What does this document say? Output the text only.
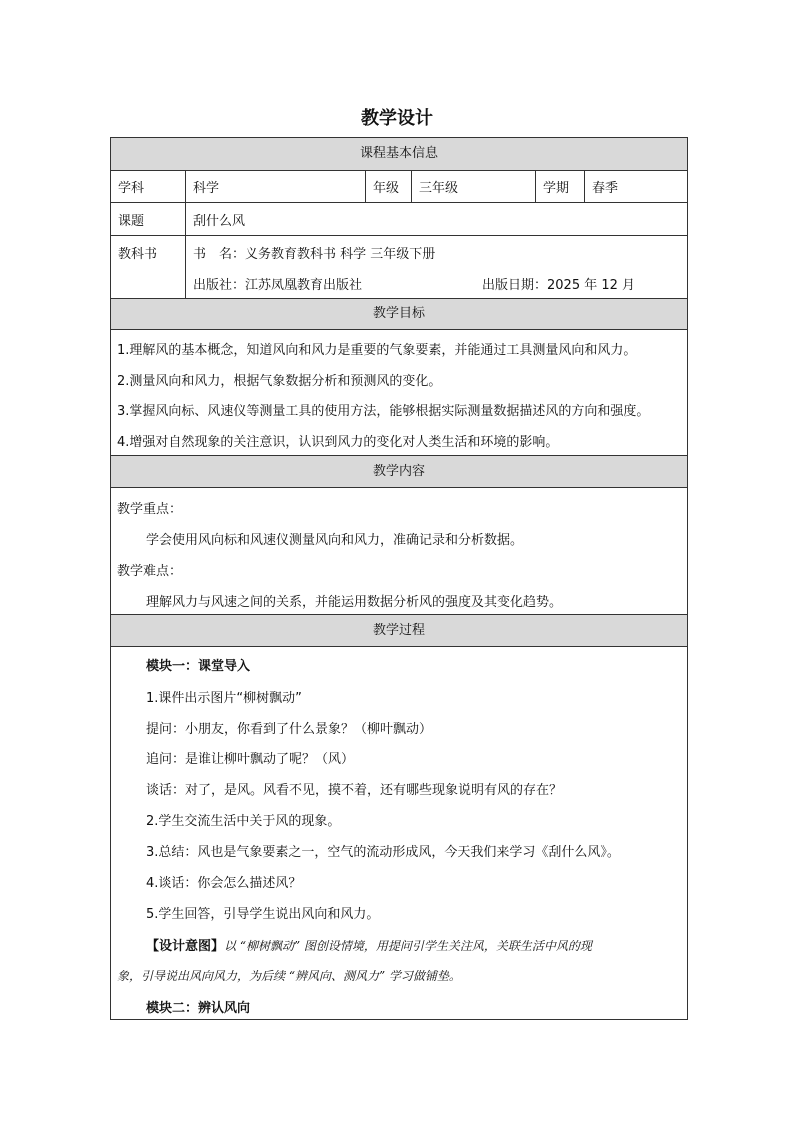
教学设计
课程基本信息
学科	科学	年级 三年级	学期 春季
课题	刮什么风
教科书	书　名：义务教育教科书 科学 三年级下册
出版社：江苏凤凰教育出版社	出版日期：2025 年 12 月
教学目标
1.理解风的基本概念，知道风向和风力是重要的气象要素，并能通过工具测量风向和风力。
2.测量风向和风力，根据气象数据分析和预测风的变化。
3.掌握风向标、风速仪等测量工具的使用方法，能够根据实际测量数据描述风的方向和强度。
4.增强对自然现象的关注意识，认识到风力的变化对人类生活和环境的影响。
教学内容
教学重点：
学会使用风向标和风速仪测量风向和风力，准确记录和分析数据。
教学难点：
理解风力与风速之间的关系，并能运用数据分析风的强度及其变化趋势。
教学过程
模块一：课堂导入
1.课件出示图片“柳树飘动”
提问：小朋友，你看到了什么景象？（柳叶飘动）
追问：是谁让柳叶飘动了呢？（风）
谈话：对了，是风。风看不见，摸不着，还有哪些现象说明有风的存在？
2.学生交流生活中关于风的现象。
3.总结：风也是气象要素之一，空气的流动形成风，今天我们来学习《刮什么风》。
4.谈话：你会怎么描述风？
5.学生回答，引导学生说出风向和风力。
【设计意图】以 “柳树飘动” 图创设情境，用提问引学生关注风，关联生活中风的现
象，引导说出风向风力，为后续 “辨风向、测风力” 学习做铺垫。
模块二：辨认风向
